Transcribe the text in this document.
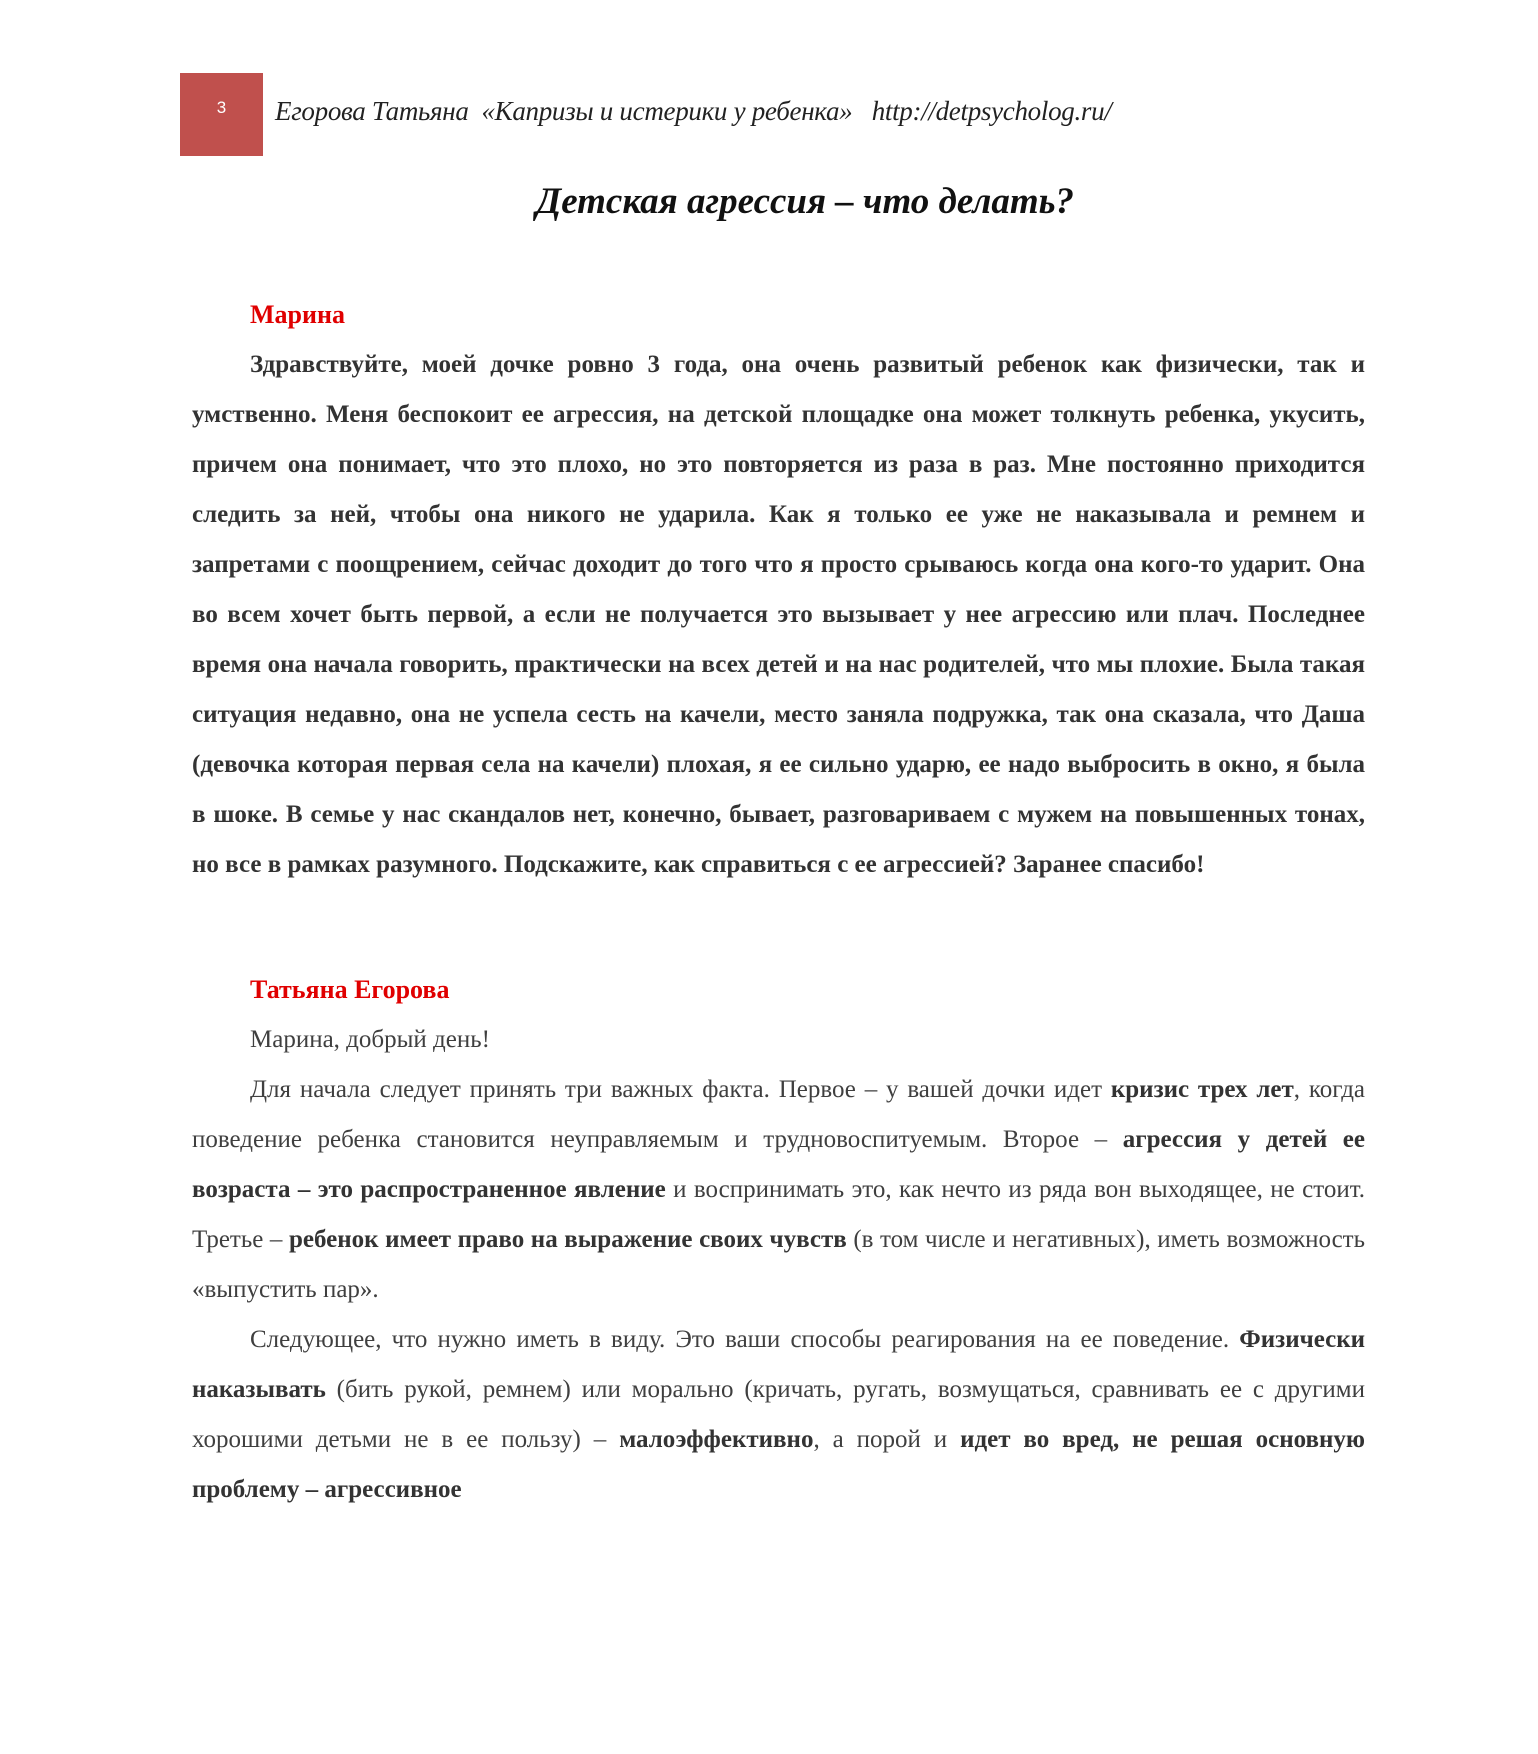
3 Егорова Татьяна  «Капризы и истерики у ребенка»   http://detpsycholog.ru/
Детская агрессия – что делать?
Марина

Здравствуйте, моей дочке ровно 3 года, она очень развитый ребенок как физически, так и умственно. Меня беспокоит ее агрессия, на детской площадке она может толкнуть ребенка, укусить, причем она понимает, что это плохо, но это повторяется из раза в раз. Мне постоянно приходится следить за ней, чтобы она никого не ударила. Как я только ее уже не наказывала и ремнем и запретами с поощрением, сейчас доходит до того что я просто срываюсь когда она кого-то ударит. Она во всем хочет быть первой, а если не получается это вызывает у нее агрессию или плач. Последнее время она начала говорить, практически на всех детей и на нас родителей, что мы плохие. Была такая ситуация недавно, она не успела сесть на качели, место заняла подружка, так она сказала, что Даша (девочка которая первая села на качели) плохая, я ее сильно ударю, ее надо выбросить в окно, я была в шоке. В семье у нас скандалов нет, конечно, бывает, разговариваем с мужем на повышенных тонах, но все в рамках разумного. Подскажите, как справиться с ее агрессией? Заранее спасибо!

Татьяна Егорова

Марина, добрый день!

Для начала следует принять три важных факта. Первое – у вашей дочки идет кризис трех лет, когда поведение ребенка становится неуправляемым и трудновоспитуемым. Второе – агрессия у детей ее возраста – это распространенное явление и воспринимать это, как нечто из ряда вон выходящее, не стоит. Третье – ребенок имеет право на выражение своих чувств (в том числе и негативных), иметь возможность «выпустить пар».

Следующее, что нужно иметь в виду. Это ваши способы реагирования на ее поведение. Физически наказывать (бить рукой, ремнем) или морально (кричать, ругать, возмущаться, сравнивать ее с другими хорошими детьми не в ее пользу) – малоэффективно, а порой и идет во вред, не решая основную проблему – агрессивное
